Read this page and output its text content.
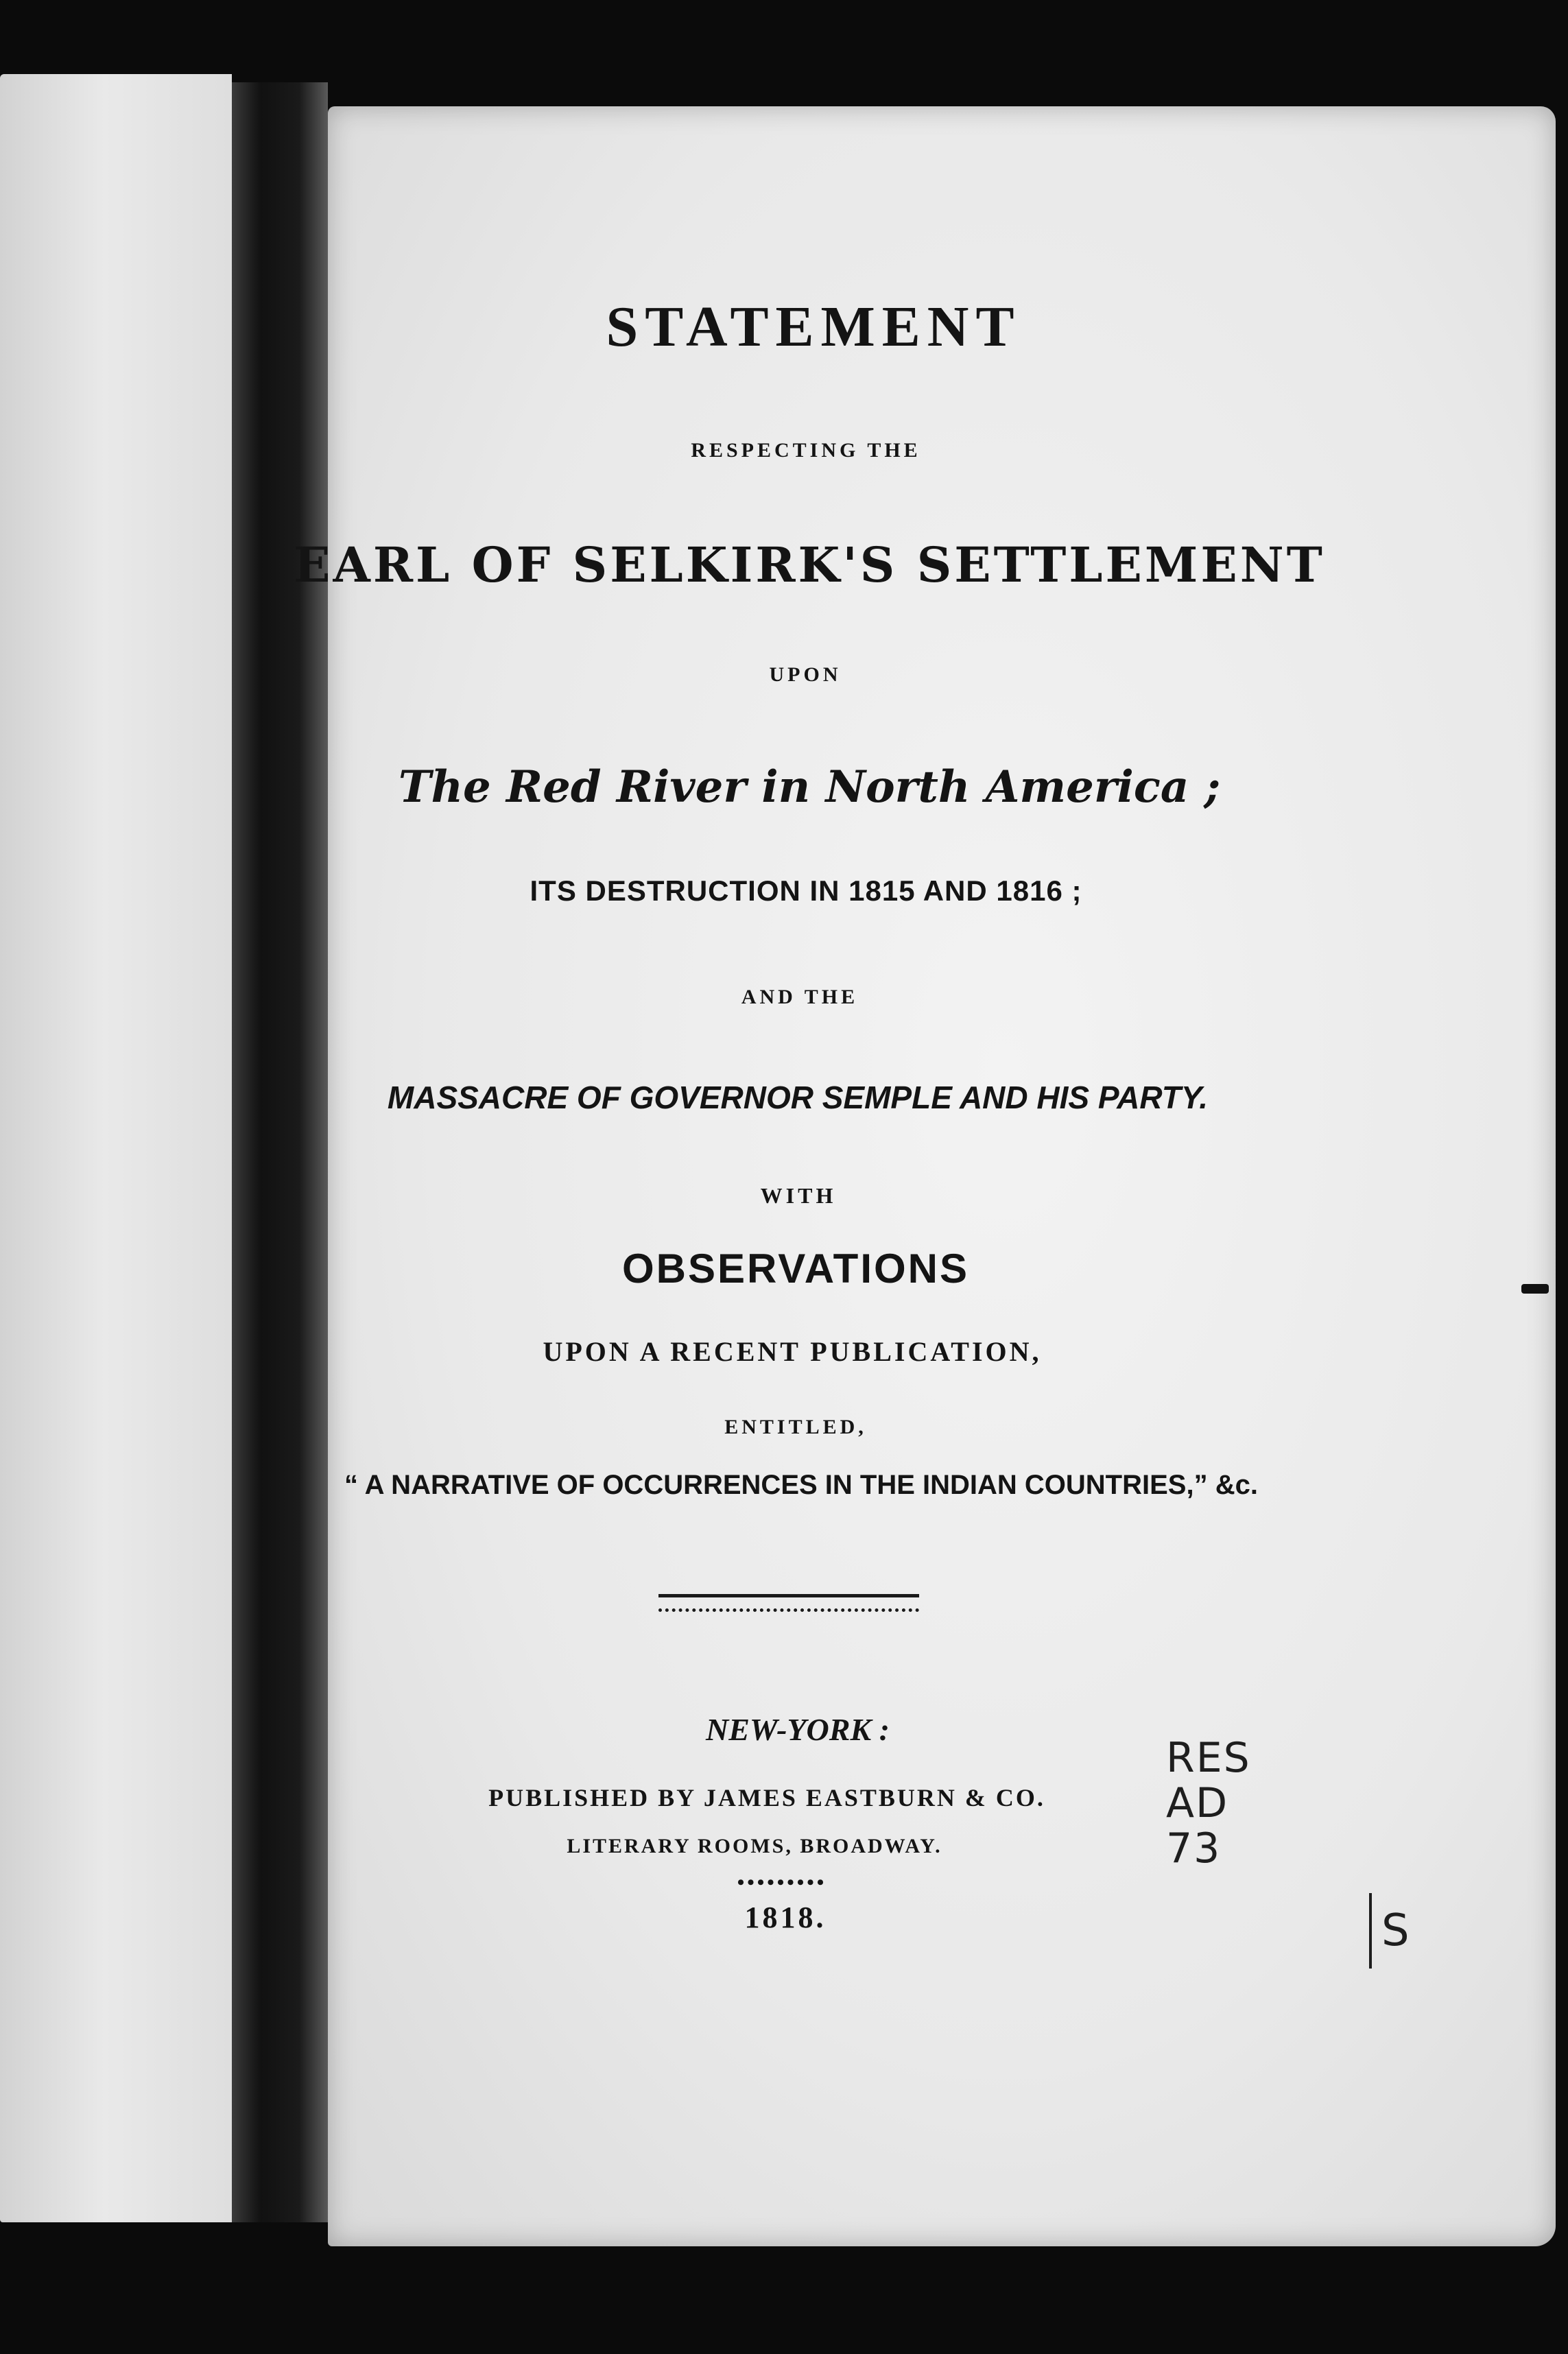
STATEMENT
RESPECTING THE
EARL OF SELKIRK'S SETTLEMENT
UPON
The Red River in North America ;
ITS DESTRUCTION IN 1815 AND 1816 ;
AND THE
MASSACRE OF GOVERNOR SEMPLE AND HIS PARTY.
WITH
OBSERVATIONS
UPON A RECENT PUBLICATION,
ENTITLED,
“ A NARRATIVE OF OCCURRENCES IN THE INDIAN COUNTRIES,” &c.
NEW-YORK :
PUBLISHED BY JAMES EASTBURN & CO.
LITERARY ROOMS, BROADWAY.
•••••••••
1818.
RES
AD
73
S
